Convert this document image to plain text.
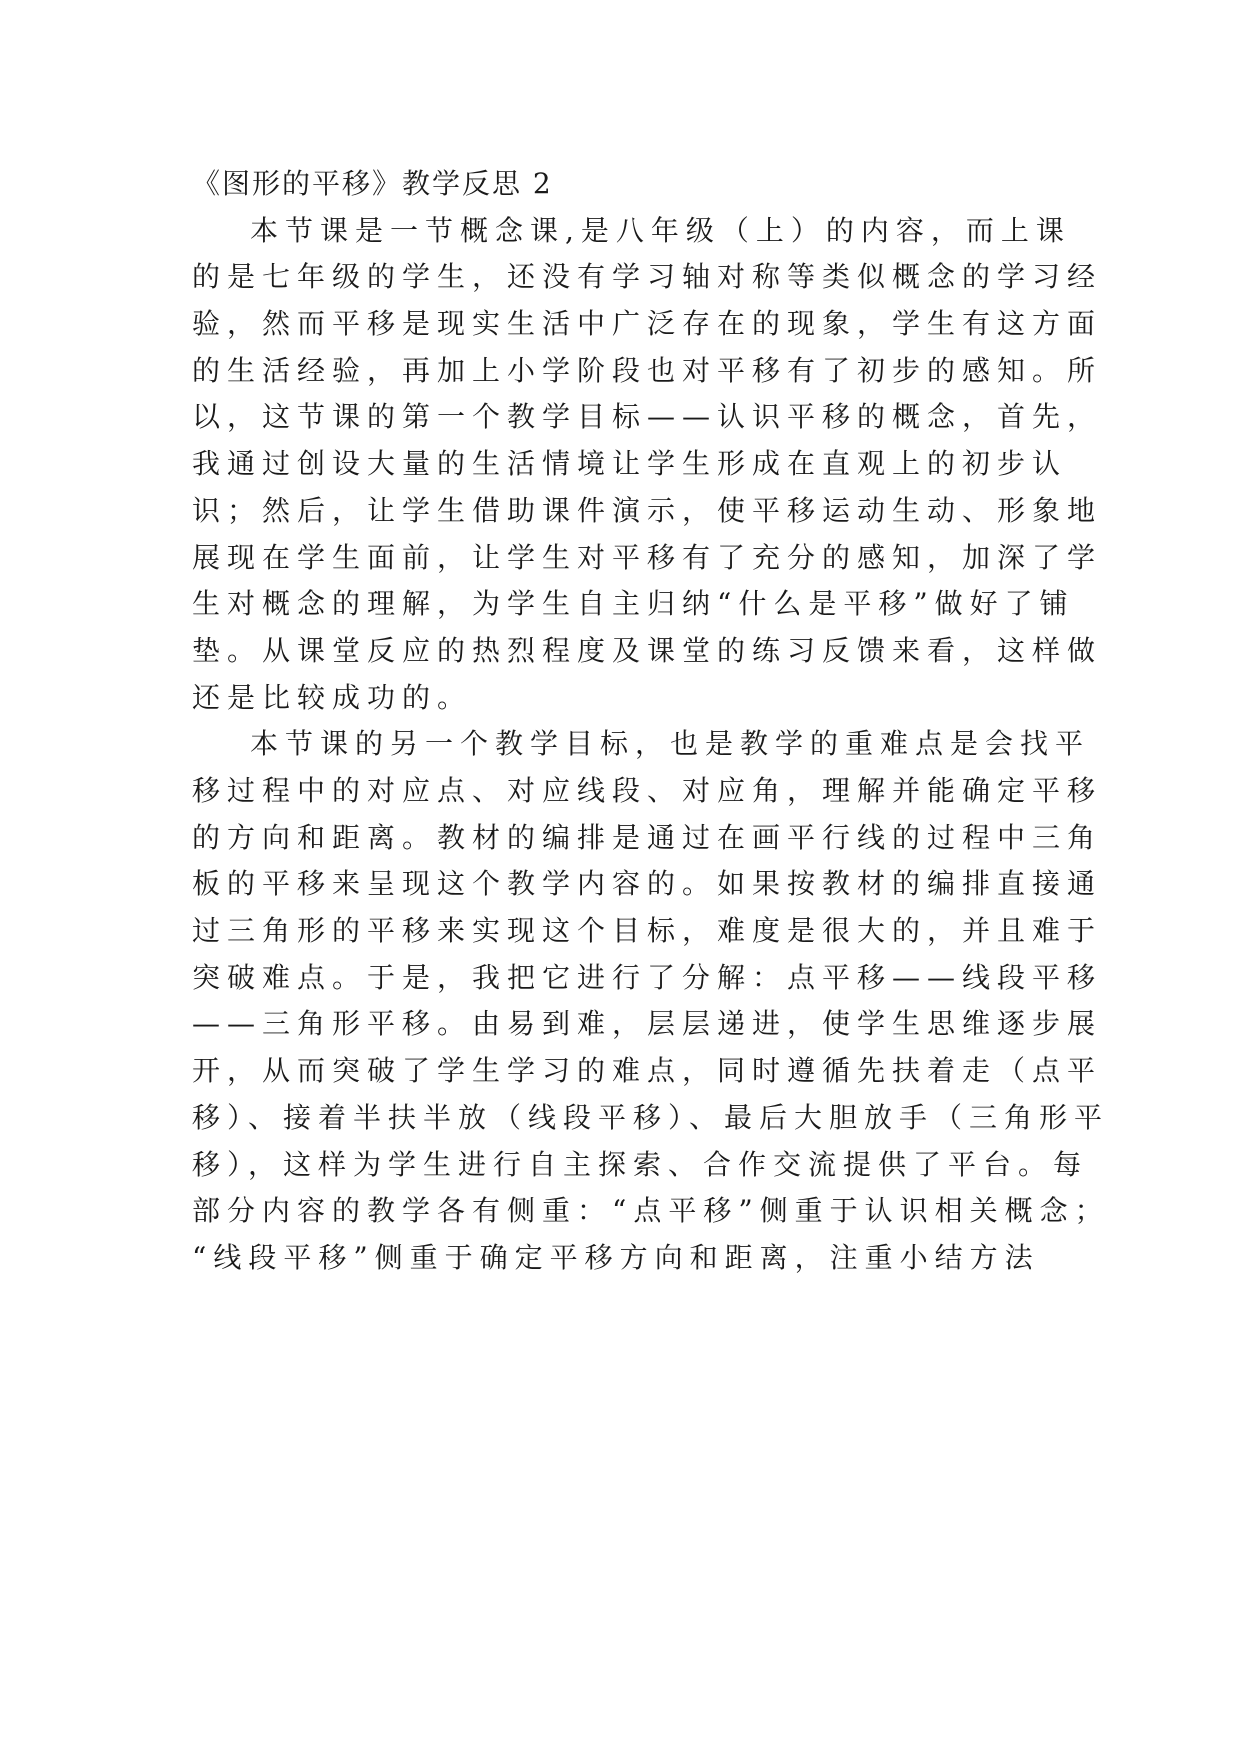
《图形的平移》教学反思 2
本节课是一节概念课,是八年级（上）的内容，而上课
的是七年级的学生，还没有学习轴对称等类似概念的学习经
验，然而平移是现实生活中广泛存在的现象，学生有这方面
的生活经验，再加上小学阶段也对平移有了初步的感知。所
以，这节课的第一个教学目标——认识平移的概念，首先，
我通过创设大量的生活情境让学生形成在直观上的初步认
识；然后，让学生借助课件演示，使平移运动生动、形象地
展现在学生面前，让学生对平移有了充分的感知，加深了学
生对概念的理解，为学生自主归纳“什么是平移”做好了铺
垫。从课堂反应的热烈程度及课堂的练习反馈来看，这样做
还是比较成功的。
本节课的另一个教学目标，也是教学的重难点是会找平
移过程中的对应点、对应线段、对应角，理解并能确定平移
的方向和距离。教材的编排是通过在画平行线的过程中三角
板的平移来呈现这个教学内容的。如果按教材的编排直接通
过三角形的平移来实现这个目标，难度是很大的，并且难于
突破难点。于是，我把它进行了分解：点平移——线段平移
——三角形平移。由易到难，层层递进，使学生思维逐步展
开，从而突破了学生学习的难点，同时遵循先扶着走（点平
移）、接着半扶半放（线段平移）、最后大胆放手（三角形平
移），这样为学生进行自主探索、合作交流提供了平台。每
部分内容的教学各有侧重：“点平移”侧重于认识相关概念；
“线段平移”侧重于确定平移方向和距离，注重小结方法
